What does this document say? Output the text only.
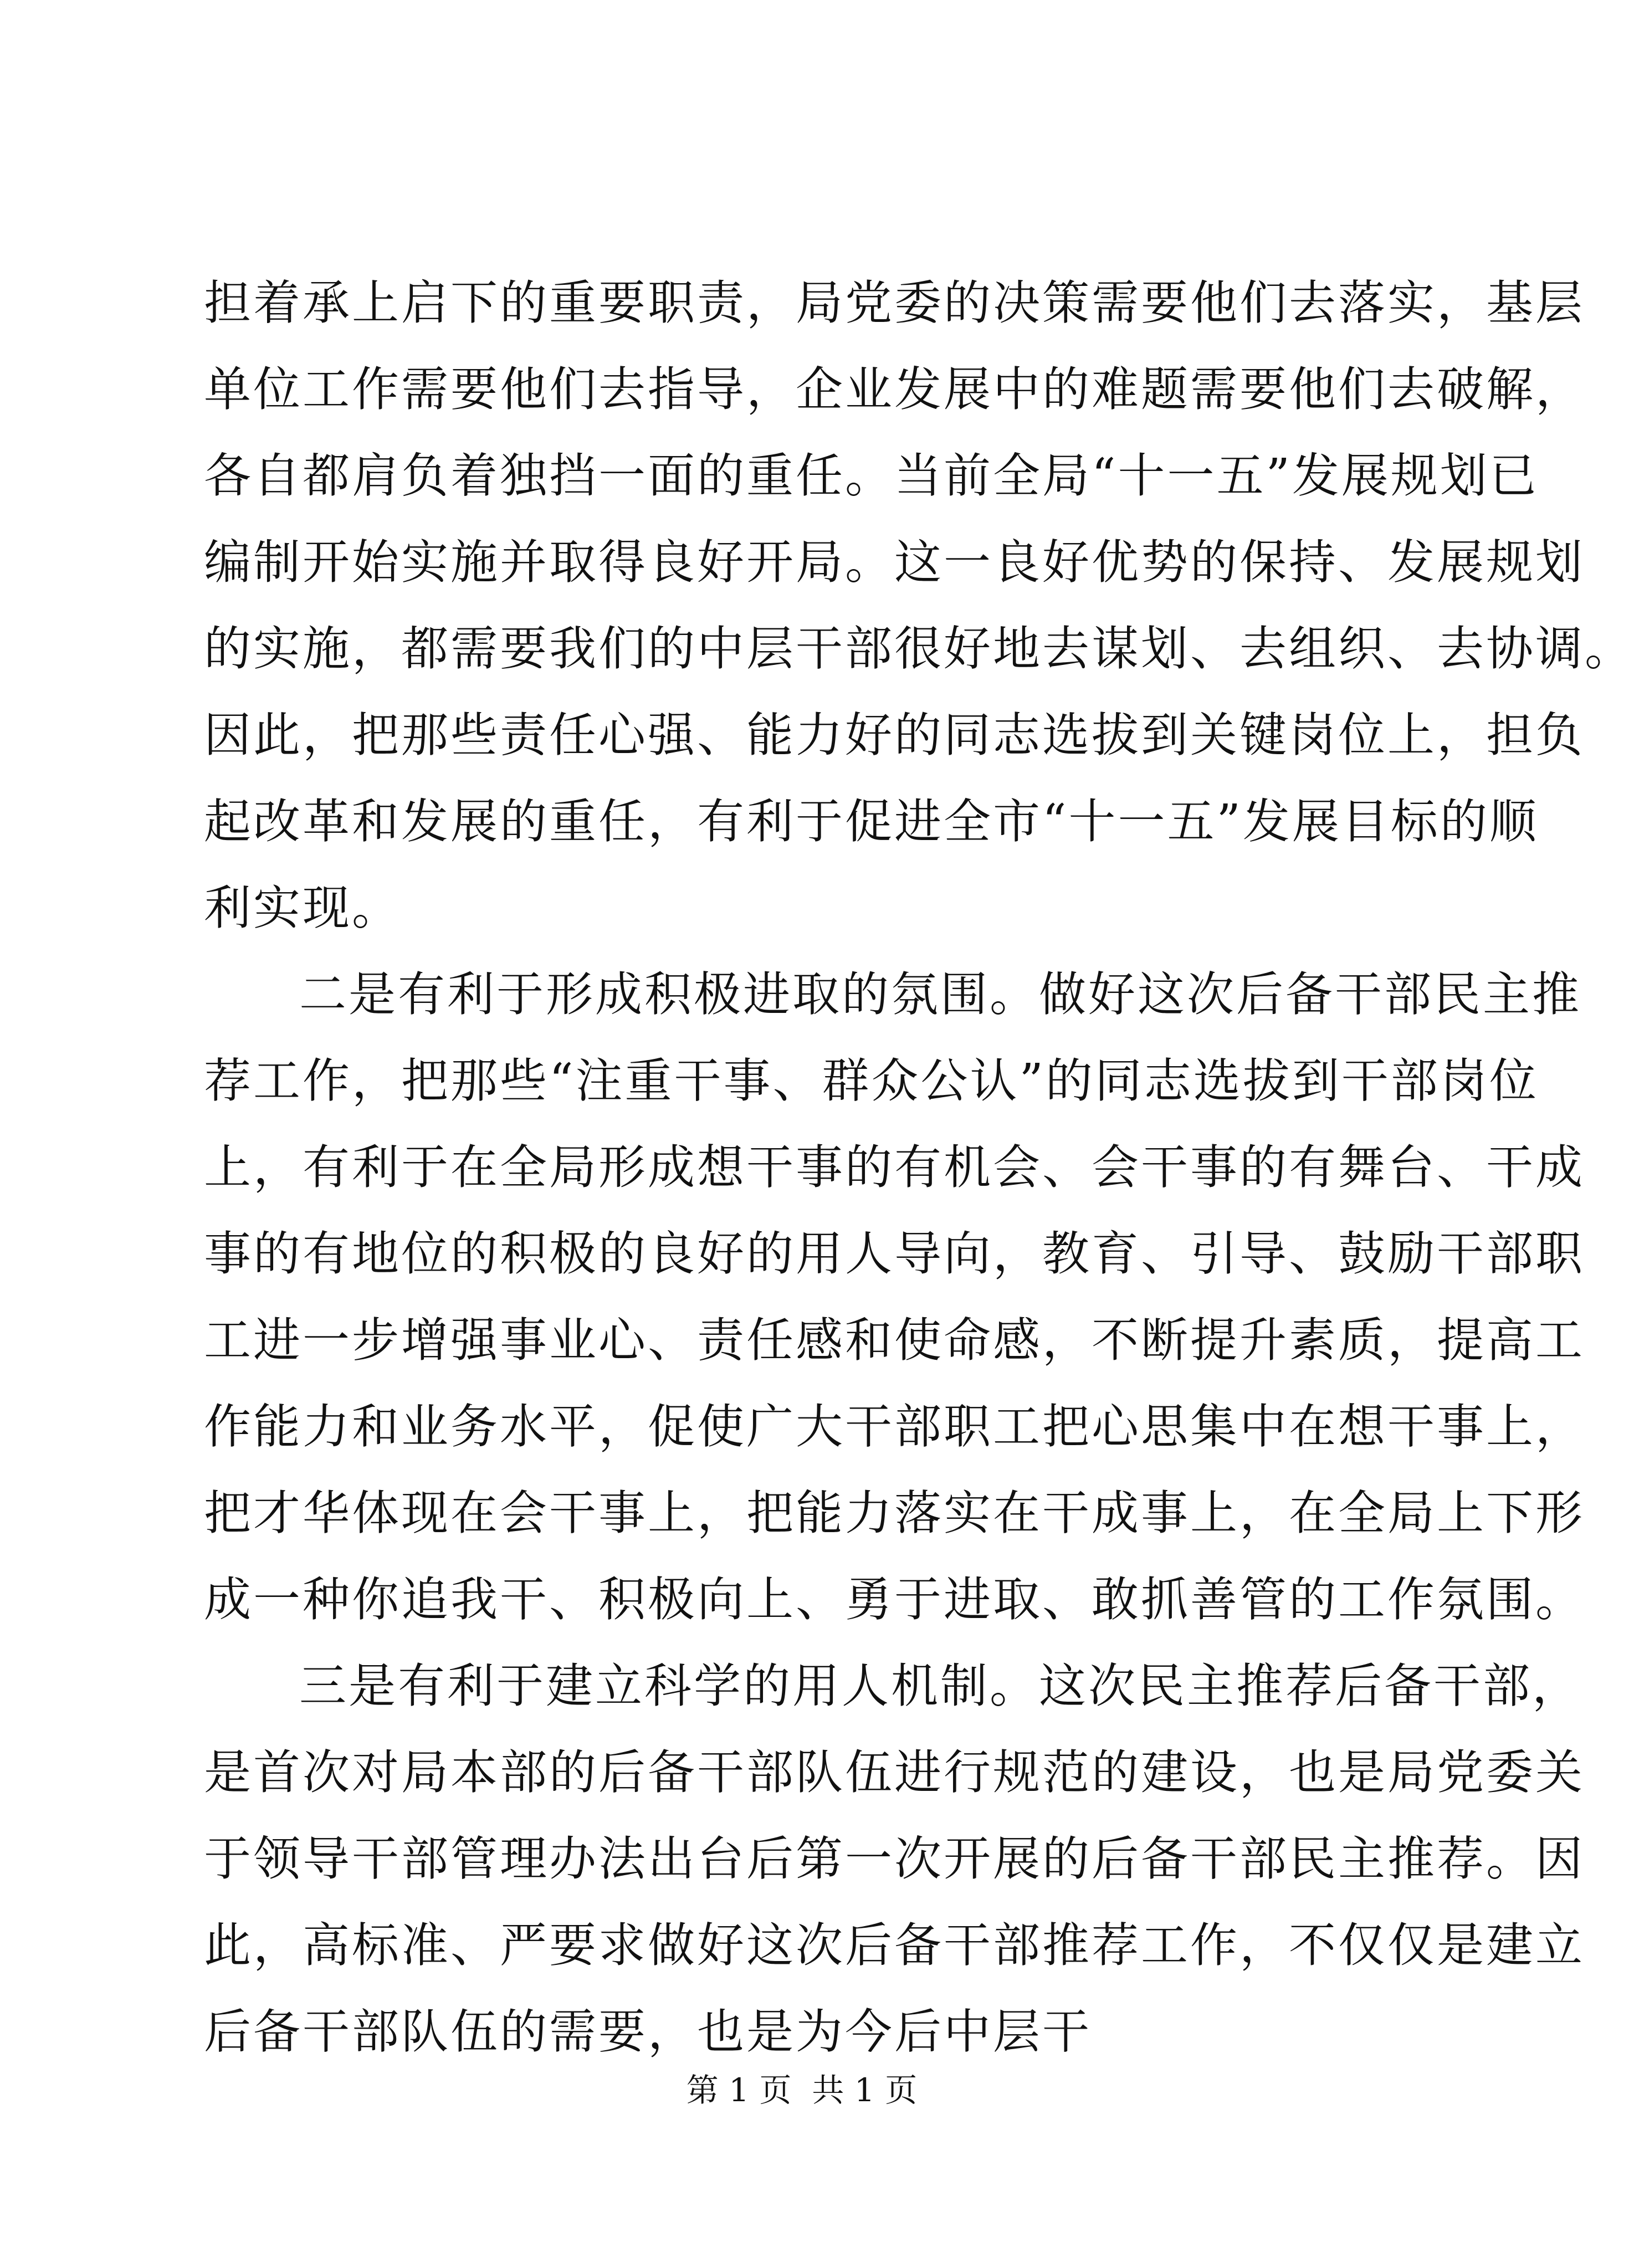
担着承上启下的重要职责，局党委的决策需要他们去落实，基层
单位工作需要他们去指导，企业发展中的难题需要他们去破解，
各自都肩负着独挡一面的重任。当前全局“十一五”发展规划已
编制开始实施并取得良好开局。这一良好优势的保持、发展规划
的实施，都需要我们的中层干部很好地去谋划、去组织、去协调。
因此，把那些责任心强、能力好的同志选拔到关键岗位上，担负
起改革和发展的重任，有利于促进全市“十一五”发展目标的顺
利实现。
二是有利于形成积极进取的氛围。做好这次后备干部民主推
荐工作，把那些“注重干事、群众公认”的同志选拔到干部岗位
上，有利于在全局形成想干事的有机会、会干事的有舞台、干成
事的有地位的积极的良好的用人导向，教育、引导、鼓励干部职
工进一步增强事业心、责任感和使命感，不断提升素质，提高工
作能力和业务水平，促使广大干部职工把心思集中在想干事上，
把才华体现在会干事上，把能力落实在干成事上，在全局上下形
成一种你追我干、积极向上、勇于进取、敢抓善管的工作氛围。
三是有利于建立科学的用人机制。这次民主推荐后备干部，
是首次对局本部的后备干部队伍进行规范的建设，也是局党委关
于领导干部管理办法出台后第一次开展的后备干部民主推荐。因
此，高标准、严要求做好这次后备干部推荐工作，不仅仅是建立
后备干部队伍的需要，也是为今后中层干
第 1 页  共 1 页
